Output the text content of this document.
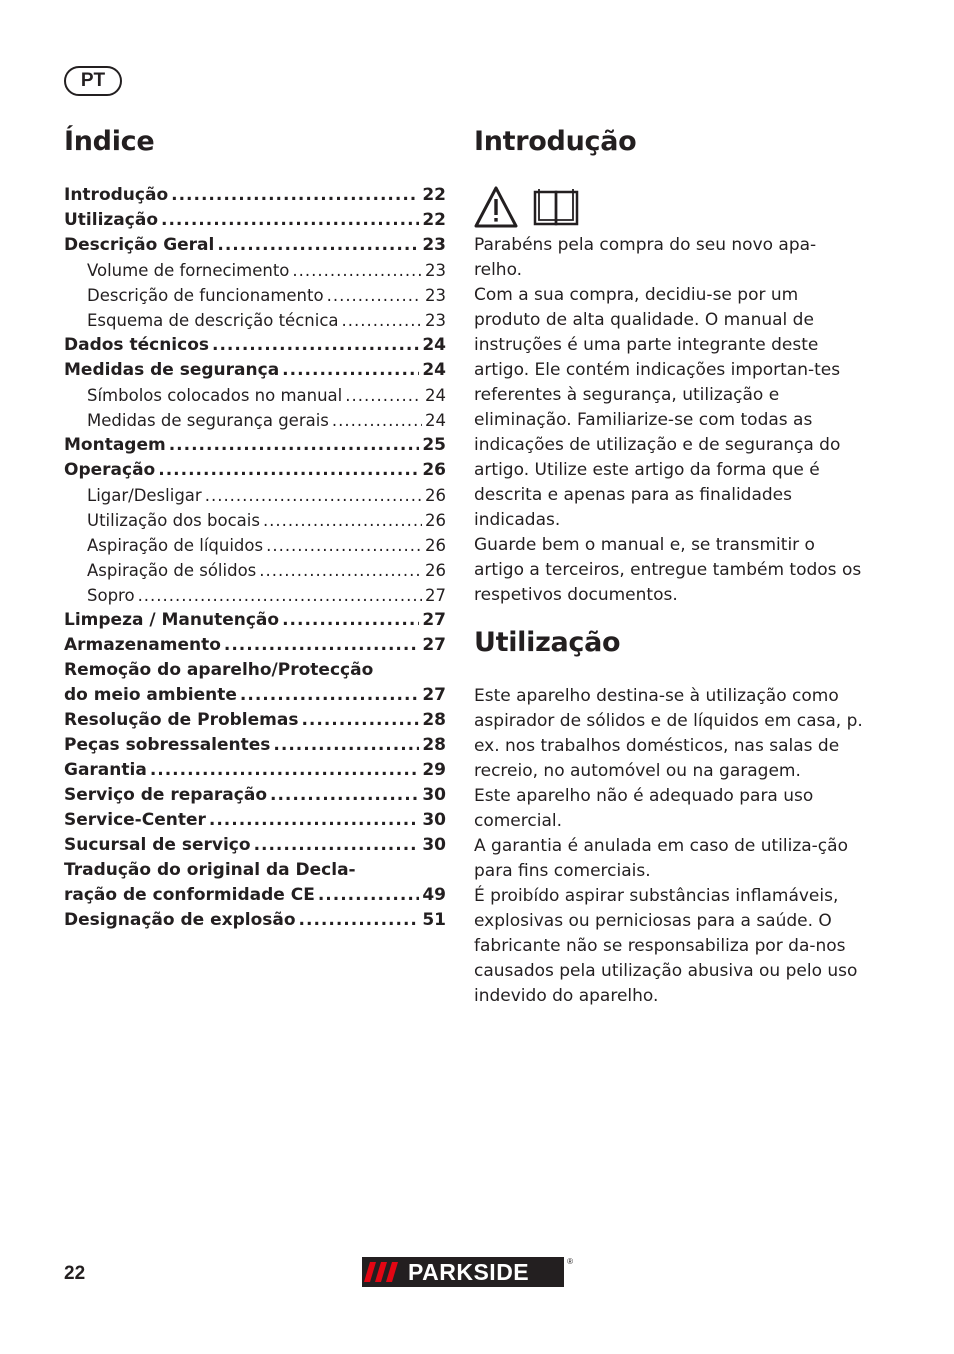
PT
Índice
Introdução .....	22
Utilização .....	22
Descrição Geral .....	23
Volume de fornecimento .....	23
Descrição de funcionamento .....	23
Esquema de descrição técnica .....	23
Dados técnicos .....	24
Medidas de segurança .....	24
Símbolos colocados no manual .....	24
Medidas de segurança gerais .....	24
Montagem .....	25
Operação .....	26
Ligar/Desligar .....	26
Utilização dos bocais .....	26
Aspiração de líquidos .....	26
Aspiração de sólidos .....	26
Sopro .....	27
Limpeza / Manutenção .....	27
Armazenamento .....	27
Remoção do aparelho/Protecção
do meio ambiente .....	27
Resolução de Problemas .....	28
Peças sobressalentes .....	28
Garantia .....	29
Serviço de reparação .....	30
Service-Center .....	30
Sucursal de serviço .....	30
Tradução do original da Decla-
ração de conformidade CE .....	49
Designação de explosão .....	51
Introdução

Parabéns pela compra do seu novo apa-relho.

Com a sua compra, decidiu-se por um produto de alta qualidade. O manual de instruções é uma parte integrante deste artigo. Ele contém indicações importan-tes referentes à segurança, utilização e eliminação. Familiarize-se com todas as indicações de utilização e de segurança do artigo. Utilize este artigo da forma que é descrita e apenas para as finalidades indicadas.

Guarde bem o manual e, se transmitir o artigo a terceiros, entregue também todos os respetivos documentos.

Utilização

Este aparelho destina-se à utilização como aspirador de sólidos e de líquidos em casa, p. ex. nos trabalhos domésticos, nas salas de recreio, no automóvel ou na garagem.

Este aparelho não é adequado para uso comercial.

A garantia é anulada em caso de utiliza-ção para fins comerciais.

É proibído aspirar substâncias inflamáveis, explosivas ou perniciosas para a saúde. O fabricante não se responsabiliza por da-nos causados pela utilização abusiva ou pelo uso indevido do aparelho.

22	PARKSIDE	®
